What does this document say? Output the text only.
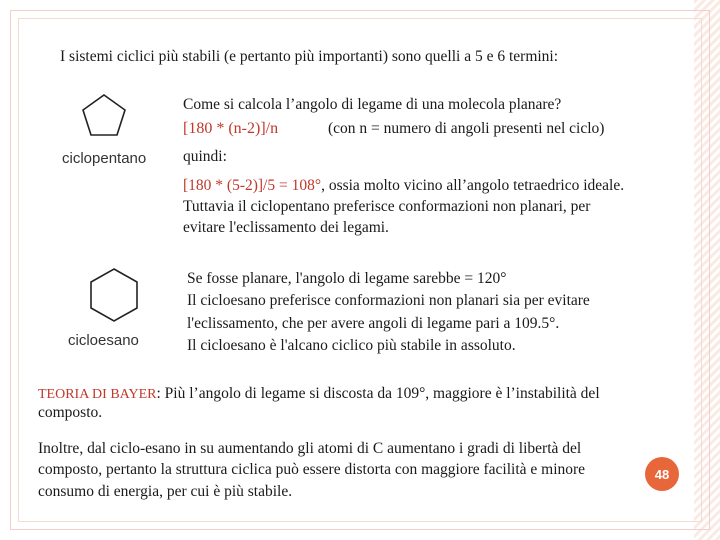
I sistemi ciclici più stabili (e pertanto più importanti) sono quelli a 5 e 6 termini:
ciclopentano
Come si calcola l’angolo di legame di una molecola planare?
[180 * (n-2)]/n	(con n = numero di angoli presenti nel ciclo)
quindi:
[180 * (5-2)]/5 = 108°, ossia molto vicino all’angolo tetraedrico ideale.
Tuttavia il ciclopentano preferisce conformazioni non planari, per
evitare l'eclissamento dei legami.
cicloesano
Se fosse planare, l'angolo di legame sarebbe = 120°
Il cicloesano preferisce conformazioni non planari sia per evitare
l'eclissamento, che per avere angoli di legame pari a 109.5°.
Il cicloesano è l'alcano ciclico più stabile in assoluto.
TEORIA DI BAYER: Più l’angolo di legame si discosta da 109°, maggiore è l’instabilità del
composto.
Inoltre, dal ciclo-esano in su aumentando gli atomi di C aumentano i gradi di libertà del
composto, pertanto la struttura ciclica può essere distorta con maggiore facilità e minore
consumo di energia, per cui è più stabile.
48
